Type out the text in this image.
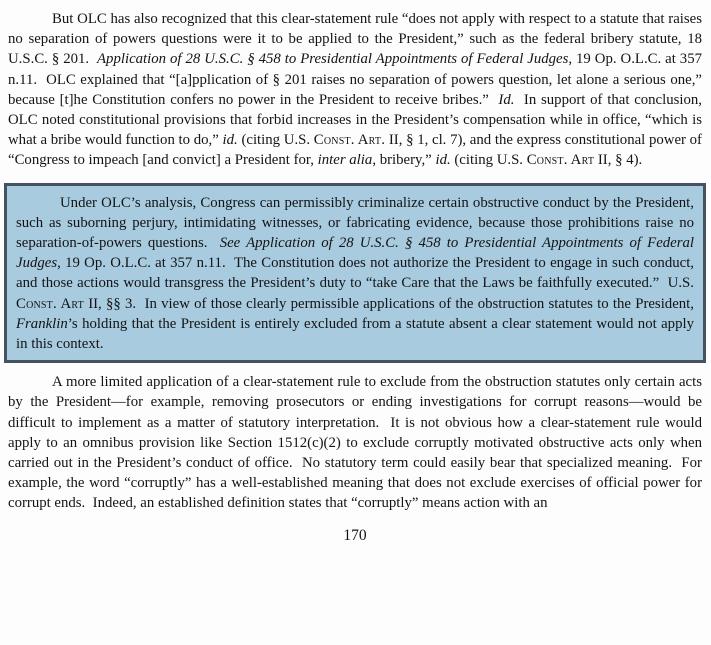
But OLC has also recognized that this clear-statement rule “does not apply with respect to a statute that raises no separation of powers questions were it to be applied to the President,” such as the federal bribery statute, 18 U.S.C. § 201.  Application of 28 U.S.C. § 458 to Presidential Appointments of Federal Judges, 19 Op. O.L.C. at 357 n.11.  OLC explained that “[a]pplication of § 201 raises no separation of powers question, let alone a serious one,” because [t]he Constitution confers no power in the President to receive bribes.”  Id.  In support of that conclusion, OLC noted constitutional provisions that forbid increases in the President’s compensation while in office, “which is what a bribe would function to do,” id. (citing U.S. Const. Art. II, § 1, cl. 7), and the express constitutional power of “Congress to impeach [and convict] a President for, inter alia, bribery,” id. (citing U.S. Const. Art II, § 4).

Under OLC’s analysis, Congress can permissibly criminalize certain obstructive conduct by the President, such as suborning perjury, intimidating witnesses, or fabricating evidence, because those prohibitions raise no separation-of-powers questions.  See Application of 28 U.S.C. § 458 to Presidential Appointments of Federal Judges, 19 Op. O.L.C. at 357 n.11.  The Constitution does not authorize the President to engage in such conduct, and those actions would transgress the President’s duty to “take Care that the Laws be faithfully executed.”  U.S. Const. Art II, §§ 3.  In view of those clearly permissible applications of the obstruction statutes to the President, Franklin’s holding that the President is entirely excluded from a statute absent a clear statement would not apply in this context.

A more limited application of a clear-statement rule to exclude from the obstruction statutes only certain acts by the President—for example, removing prosecutors or ending investigations for corrupt reasons—would be difficult to implement as a matter of statutory interpretation.  It is not obvious how a clear-statement rule would apply to an omnibus provision like Section 1512(c)(2) to exclude corruptly motivated obstructive acts only when carried out in the President’s conduct of office.  No statutory term could easily bear that specialized meaning.  For example, the word “corruptly” has a well-established meaning that does not exclude exercises of official power for corrupt ends.  Indeed, an established definition states that “corruptly” means action with an

170
